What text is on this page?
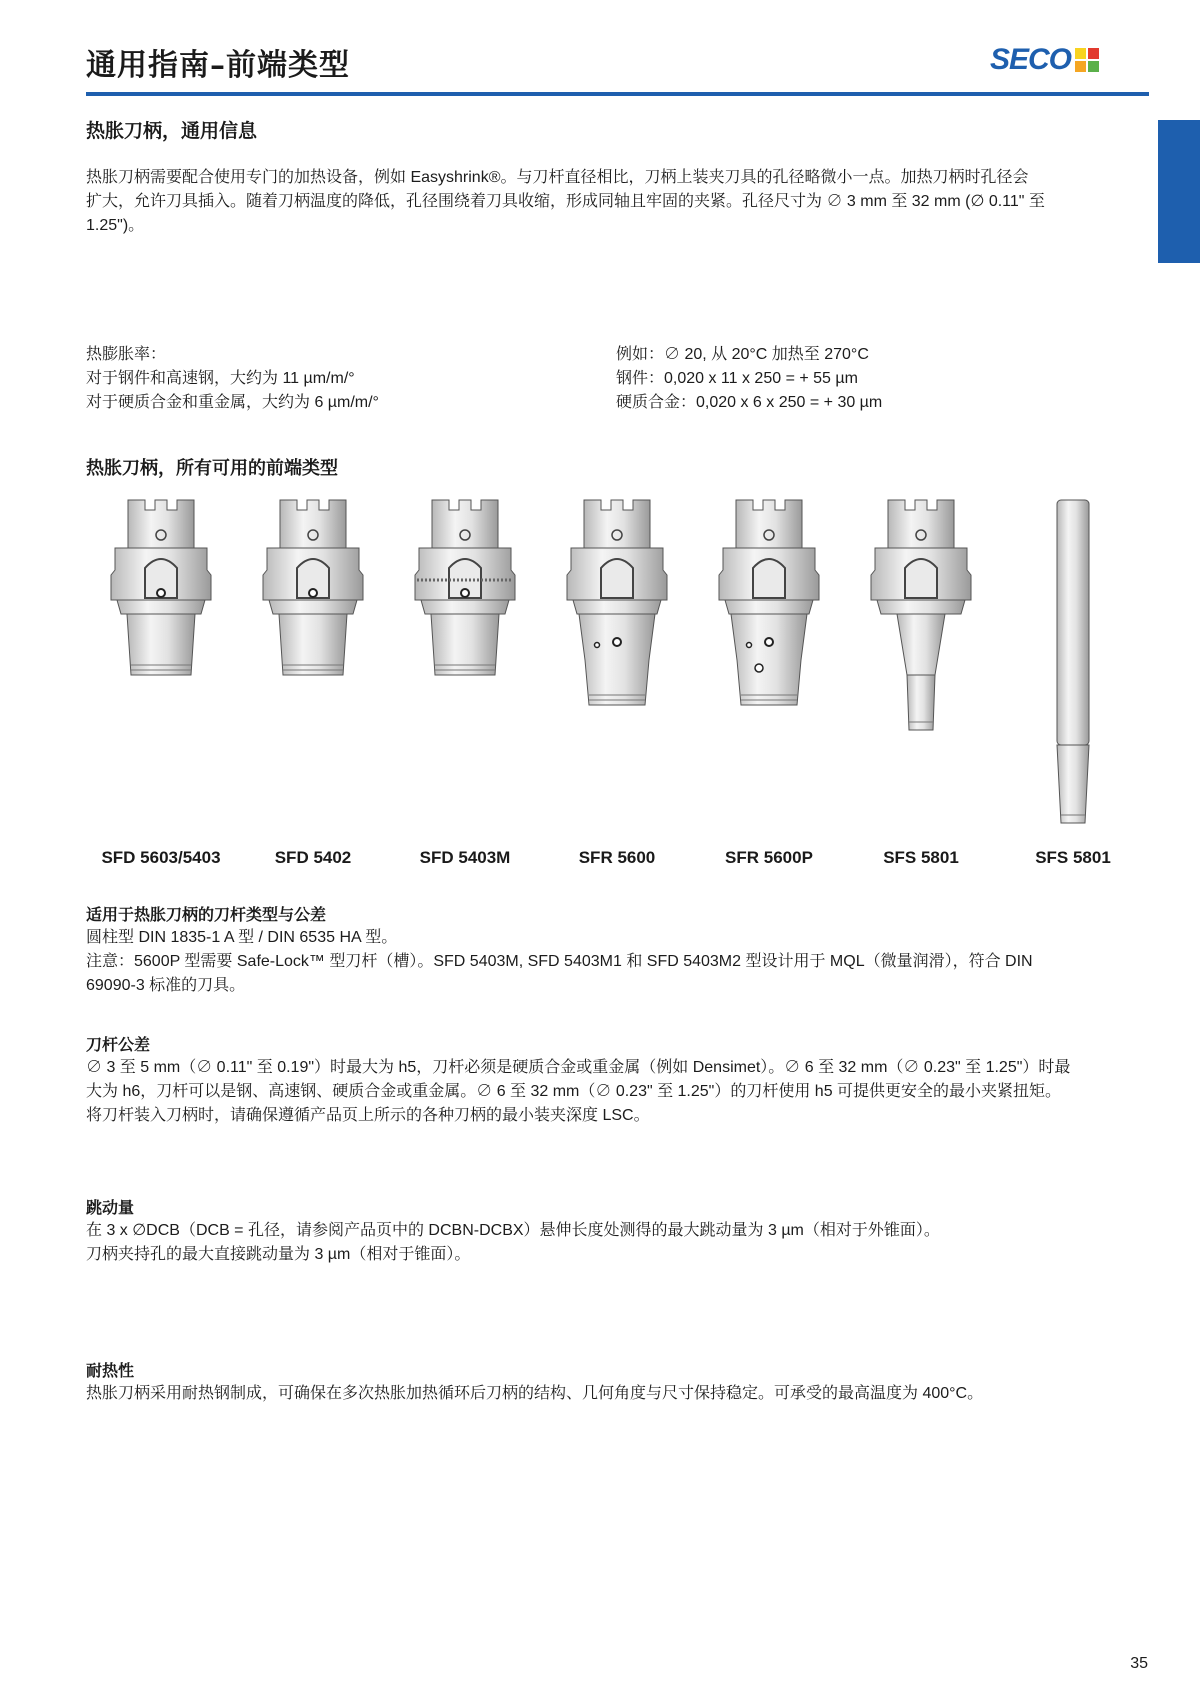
通用指南–前端类型	SECO
热胀刀柄，通用信息
热胀刀柄需要配合使用专门的加热设备，例如 Easyshrink®。与刀杆直径相比，刀柄上装夹刀具的孔径略微小一点。加热刀柄时孔径会
扩大，允许刀具插入。随着刀柄温度的降低，孔径围绕着刀具收缩，形成同轴且牢固的夹紧。孔径尺寸为 ∅ 3 mm 至 32 mm (∅ 0.11" 至
1.25")。
热膨胀率：
对于钢件和高速钢，大约为 11 µm/m/°
对于硬质合金和重金属，大约为 6 µm/m/°
例如：∅ 20, 从 20°C 加热至 270°C
钢件：0,020 x 11 x 250 = + 55 µm
硬质合金：0,020 x 6 x 250 = + 30 µm
热胀刀柄，所有可用的前端类型
SFD 5603/5403	SFD 5402	SFD 5403M	SFR 5600	SFR 5600P	SFS 5801	SFS 5801
适用于热胀刀柄的刀杆类型与公差
圆柱型 DIN 1835-1 A 型 / DIN 6535 HA 型。
注意：5600P 型需要 Safe-Lock™ 型刀杆（槽）。SFD 5403M, SFD 5403M1 和 SFD 5403M2 型设计用于 MQL（微量润滑），符合 DIN
69090-3 标准的刀具。
刀杆公差
∅ 3 至 5 mm（∅ 0.11" 至 0.19"）时最大为 h5，刀杆必须是硬质合金或重金属（例如 Densimet）。∅ 6 至 32 mm（∅ 0.23" 至 1.25"）时最
大为 h6，刀杆可以是钢、高速钢、硬质合金或重金属。∅ 6 至 32 mm（∅ 0.23" 至 1.25"）的刀杆使用 h5 可提供更安全的最小夹紧扭矩。
将刀杆装入刀柄时，请确保遵循产品页上所示的各种刀柄的最小装夹深度 LSC。
跳动量
在 3 x ∅DCB（DCB = 孔径，请参阅产品页中的 DCBN-DCBX）悬伸长度处测得的最大跳动量为 3 µm（相对于外锥面）。
刀柄夹持孔的最大直接跳动量为 3 µm（相对于锥面）。
耐热性
热胀刀柄采用耐热钢制成，可确保在多次热胀加热循环后刀柄的结构、几何角度与尺寸保持稳定。可承受的最高温度为 400°C。
35
